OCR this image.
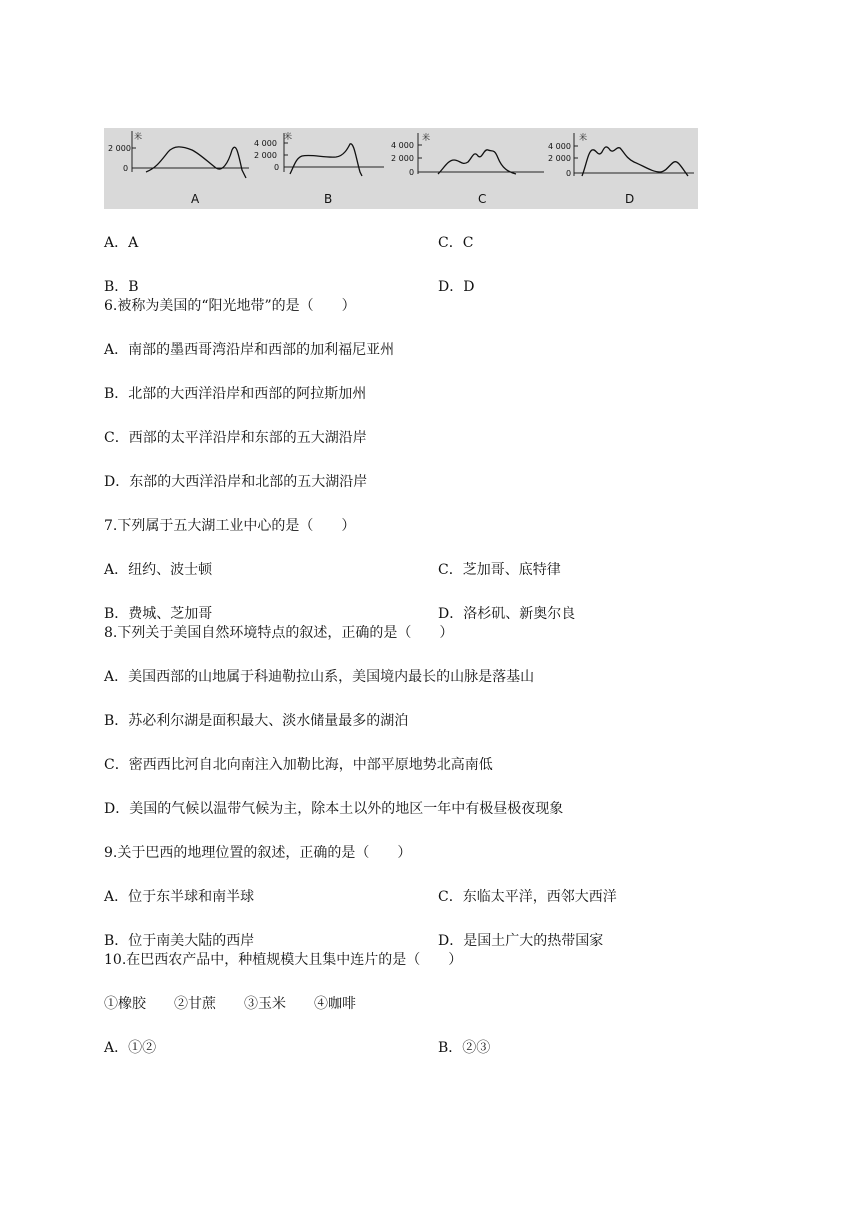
米
2 000
0
A
米
4 000
2 000
0
B
米
4 000
2 000
0
C
米
4 000
2 000
0
D
A．A	C．C
B．B	D．D
6.被称为美国的“阳光地带”的是（　　）
A．南部的墨西哥湾沿岸和西部的加利福尼亚州
B．北部的大西洋沿岸和西部的阿拉斯加州
C．西部的太平洋沿岸和东部的五大湖沿岸
D．东部的大西洋沿岸和北部的五大湖沿岸
7.下列属于五大湖工业中心的是（　　）
A．纽约、波士顿	C．芝加哥、底特律
B．费城、芝加哥	D．洛杉矶、新奥尔良
8.下列关于美国自然环境特点的叙述，正确的是（　　）
A．美国西部的山地属于科迪勒拉山系，美国境内最长的山脉是落基山
B．苏必利尔湖是面积最大、淡水储量最多的湖泊
C．密西西比河自北向南注入加勒比海，中部平原地势北高南低
D．美国的气候以温带气候为主，除本土以外的地区一年中有极昼极夜现象
9.关于巴西的地理位置的叙述，正确的是（　　）
A．位于东半球和南半球	C．东临太平洋，西邻大西洋
B．位于南美大陆的西岸	D．是国土广大的热带国家
10.在巴西农产品中，种植规模大且集中连片的是（　　）
①橡胶　　②甘蔗　　③玉米　　④咖啡
A．①②	B．②③
